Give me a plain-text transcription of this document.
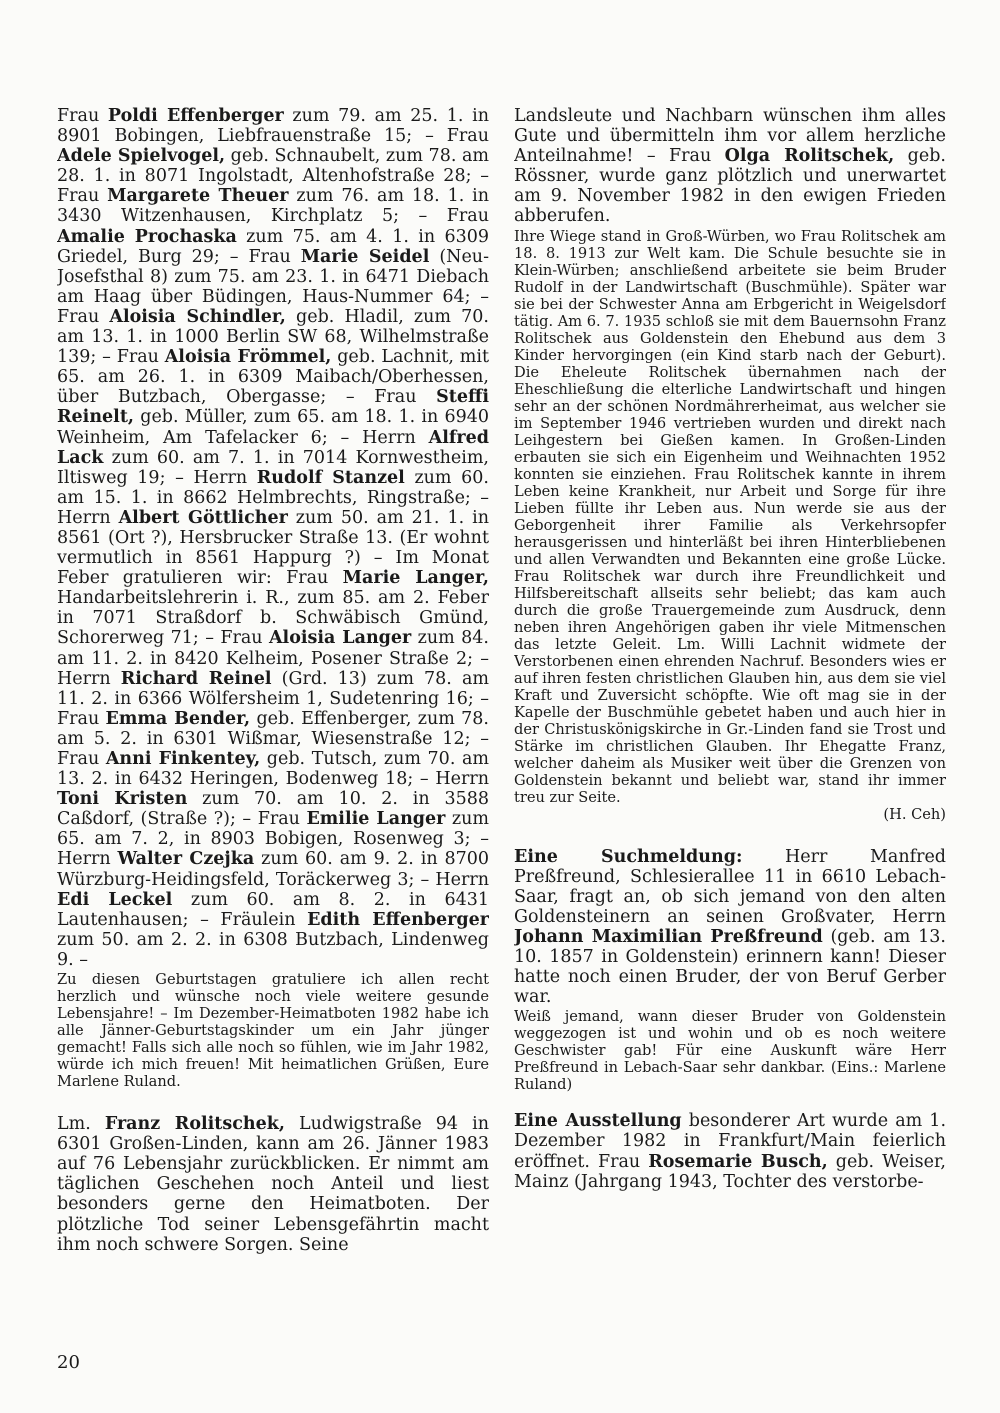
Frau Poldi Effenberger zum 79. am 25. 1. in 8901 Bobingen, Liebfrauenstraße 15; – Frau Adele Spielvogel, geb. Schnaubelt, zum 78. am 28. 1. in 8071 Ingolstadt, Altenhofstraße 28; – Frau Margarete Theuer zum 76. am 18. 1. in 3430 Witzenhausen, Kirchplatz 5; – Frau Amalie Prochaska zum 75. am 4. 1. in 6309 Griedel, Burg 29; – Frau Marie Seidel (Neu-Josefsthal 8) zum 75. am 23. 1. in 6471 Diebach am Haag über Büdingen, Haus-Nummer 64; – Frau Aloisia Schindler, geb. Hladil, zum 70. am 13. 1. in 1000 Berlin SW 68, Wilhelmstraße 139; – Frau Aloisia Frömmel, geb. Lachnit, mit 65. am 26. 1. in 6309 Maibach/Oberhessen, über Butzbach, Obergasse; – Frau Steffi Reinelt, geb. Müller, zum 65. am 18. 1. in 6940 Weinheim, Am Tafelacker 6; – Herrn Alfred Lack zum 60. am 7. 1. in 7014 Kornwestheim, Iltisweg 19; – Herrn Rudolf Stanzel zum 60. am 15. 1. in 8662 Helmbrechts, Ringstraße; – Herrn Albert Göttlicher zum 50. am 21. 1. in 8561 (Ort ?), Hersbrucker Straße 13. (Er wohnt vermutlich in 8561 Happurg ?) – Im Monat Feber gratulieren wir: Frau Marie Langer, Handarbeitslehrerin i. R., zum 85. am 2. Feber in 7071 Straßdorf b. Schwäbisch Gmünd, Schorerweg 71; – Frau Aloisia Langer zum 84. am 11. 2. in 8420 Kelheim, Posener Straße 2; – Herrn Richard Reinel (Grd. 13) zum 78. am 11. 2. in 6366 Wölfersheim 1, Sudetenring 16; – Frau Emma Bender, geb. Effenberger, zum 78. am 5. 2. in 6301 Wißmar, Wiesenstraße 12; – Frau Anni Finkentey, geb. Tutsch, zum 70. am 13. 2. in 6432 Heringen, Bodenweg 18; – Herrn Toni Kristen zum 70. am 10. 2. in 3588 Caßdorf, (Straße ?); – Frau Emilie Langer zum 65. am 7. 2, in 8903 Bobigen, Rosenweg 3; – Herrn Walter Czejka zum 60. am 9. 2. in 8700 Würzburg-Heidingsfeld, Toräckerweg 3; – Herrn Edi Leckel zum 60. am 8. 2. in 6431 Lautenhausen; – Fräulein Edith Effenberger zum 50. am 2. 2. in 6308 Butzbach, Lindenweg 9. –

Zu diesen Geburtstagen gratuliere ich allen recht herzlich und wünsche noch viele weitere gesunde Lebensjahre! – Im Dezember-Heimatboten 1982 habe ich alle Jänner-Geburtstagskinder um ein Jahr jünger gemacht! Falls sich alle noch so fühlen, wie im Jahr 1982, würde ich mich freuen! Mit heimatlichen Grüßen, Eure Marlene Ruland.

Lm. Franz Rolitschek, Ludwigstraße 94 in 6301 Großen-Linden, kann am 26. Jänner 1983 auf 76 Lebensjahr zurückblicken. Er nimmt am täglichen Geschehen noch Anteil und liest besonders gerne den Heimatboten. Der plötzliche Tod seiner Lebensgefährtin macht ihm noch schwere Sorgen. Seine

Landsleute und Nachbarn wünschen ihm alles Gute und übermitteln ihm vor allem herzliche Anteilnahme! – Frau Olga Rolitschek, geb. Rössner, wurde ganz plötzlich und unerwartet am 9. November 1982 in den ewigen Frieden abberufen.

Ihre Wiege stand in Groß-Würben, wo Frau Rolitschek am 18. 8. 1913 zur Welt kam. Die Schule besuchte sie in Klein-Würben; anschließend arbeitete sie beim Bruder Rudolf in der Landwirtschaft (Buschmühle). Später war sie bei der Schwester Anna am Erbgericht in Weigelsdorf tätig. Am 6. 7. 1935 schloß sie mit dem Bauernsohn Franz Rolitschek aus Goldenstein den Ehebund aus dem 3 Kinder hervorgingen (ein Kind starb nach der Geburt). Die Eheleute Rolitschek übernahmen nach der Eheschließung die elterliche Landwirtschaft und hingen sehr an der schönen Nordmährerheimat, aus welcher sie im September 1946 vertrieben wurden und direkt nach Leihgestern bei Gießen kamen. In Großen-Linden erbauten sie sich ein Eigenheim und Weihnachten 1952 konnten sie einziehen. Frau Rolitschek kannte in ihrem Leben keine Krankheit, nur Arbeit und Sorge für ihre Lieben füllte ihr Leben aus. Nun werde sie aus der Geborgenheit ihrer Familie als Verkehrsopfer herausgerissen und hinterläßt bei ihren Hinterbliebenen und allen Verwandten und Bekannten eine große Lücke. Frau Rolitschek war durch ihre Freundlichkeit und Hilfsbereitschaft allseits sehr beliebt; das kam auch durch die große Trauergemeinde zum Ausdruck, denn neben ihren Angehörigen gaben ihr viele Mitmenschen das letzte Geleit. Lm. Willi Lachnit widmete der Verstorbenen einen ehrenden Nachruf. Besonders wies er auf ihren festen christlichen Glauben hin, aus dem sie viel Kraft und Zuversicht schöpfte. Wie oft mag sie in der Kapelle der Buschmühle gebetet haben und auch hier in der Christuskönigskirche in Gr.-Linden fand sie Trost und Stärke im christlichen Glauben. Ihr Ehegatte Franz, welcher daheim als Musiker weit über die Grenzen von Goldenstein bekannt und beliebt war, stand ihr immer treu zur Seite.

(H. Ceh)

Eine Suchmeldung: Herr Manfred Preßfreund, Schlesierallee 11 in 6610 Lebach-Saar, fragt an, ob sich jemand von den alten Goldensteinern an seinen Großvater, Herrn Johann Maximilian Preßfreund (geb. am 13. 10. 1857 in Goldenstein) erinnern kann! Dieser hatte noch einen Bruder, der von Beruf Gerber war.

Weiß jemand, wann dieser Bruder von Goldenstein weggezogen ist und wohin und ob es noch weitere Geschwister gab! Für eine Auskunft wäre Herr Preßfreund in Lebach-Saar sehr dankbar. (Eins.: Marlene Ruland)

Eine Ausstellung besonderer Art wurde am 1. Dezember 1982 in Frankfurt/Main feierlich eröffnet. Frau Rosemarie Busch, geb. Weiser, Mainz (Jahrgang 1943, Tochter des verstorbe-

20
